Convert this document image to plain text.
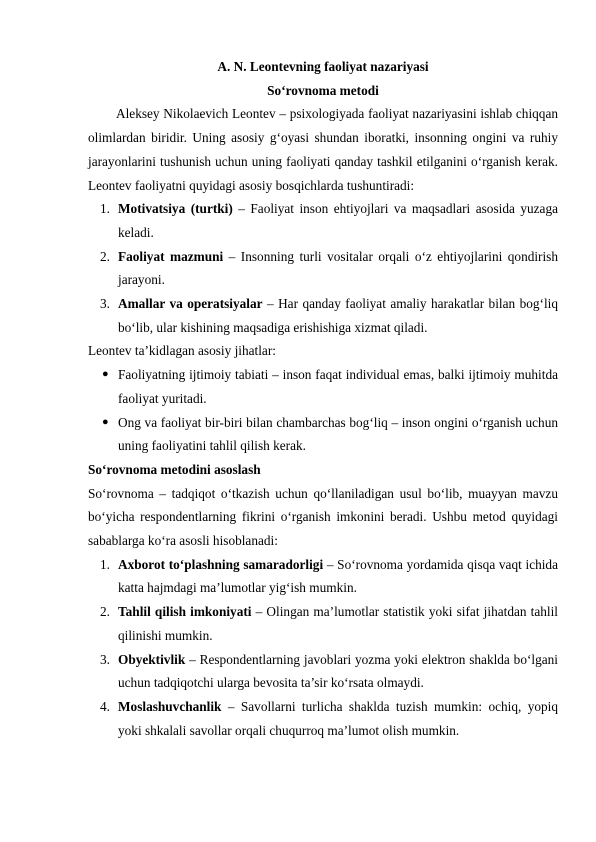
A. N. Leontevning faoliyat nazariyasi
So‘rovnoma metodi

Aleksey Nikolaevich Leontev – psixologiyada faoliyat nazariyasini ishlab chiqqan olimlardan biridir. Uning asosiy g‘oyasi shundan iboratki, insonning ongini va ruhiy jarayonlarini tushunish uchun uning faoliyati qanday tashkil etilganini o‘rganish kerak. Leontev faoliyatni quyidagi asosiy bosqichlarda tushuntiradi:

1. Motivatsiya (turtki) – Faoliyat inson ehtiyojlari va maqsadlari asosida yuzaga keladi.
2. Faoliyat mazmuni – Insonning turli vositalar orqali o‘z ehtiyojlarini qondirish jarayoni.
3. Amallar va operatsiyalar – Har qanday faoliyat amaliy harakatlar bilan bog‘liq bo‘lib, ular kishining maqsadiga erishishiga xizmat qiladi.

Leontev ta’kidlagan asosiy jihatlar:

● Faoliyatning ijtimoiy tabiati – inson faqat individual emas, balki ijtimoiy muhitda faoliyat yuritadi.
● Ong va faoliyat bir-biri bilan chambarchas bog‘liq – inson ongini o‘rganish uchun uning faoliyatini tahlil qilish kerak.

So‘rovnoma metodini asoslash

So‘rovnoma – tadqiqot o‘tkazish uchun qo‘llaniladigan usul bo‘lib, muayyan mavzu bo‘yicha respondentlarning fikrini o‘rganish imkonini beradi. Ushbu metod quyidagi sabablarga ko‘ra asosli hisoblanadi:

1. Axborot to‘plashning samaradorligi – So‘rovnoma yordamida qisqa vaqt ichida katta hajmdagi ma’lumotlar yig‘ish mumkin.
2. Tahlil qilish imkoniyati – Olingan ma’lumotlar statistik yoki sifat jihatdan tahlil qilinishi mumkin.
3. Obyektivlik – Respondentlarning javoblari yozma yoki elektron shaklda bo‘lgani uchun tadqiqotchi ularga bevosita ta’sir ko‘rsata olmaydi.
4. Moslashuvchanlik – Savollarni turlicha shaklda tuzish mumkin: ochiq, yopiq yoki shkalali savollar orqali chuqurroq ma’lumot olish mumkin.
